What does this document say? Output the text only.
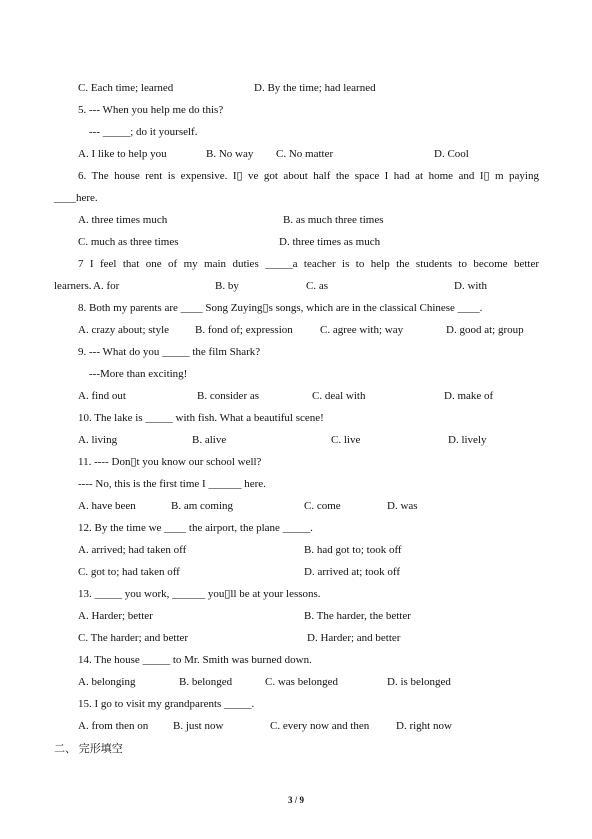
C. Each time; learned	D. By the time; had learned
5. --- When you help me do this?
--- _____; do it yourself.
A. I like to help you	B. No way C. No matter	D. Cool
6. The house rent is expensive. I▯ ve got about half the space I had at home and I▯ m paying
____here.
A. three times much	B. as much three times
C. much as three times	D. three times as much
7 I feel that one of my main duties _____a teacher is to help the students to become better
learners. A. for	B. by	C. as	D. with
8. Both my parents are ____ Song Zuying▯s songs, which are in the classical Chinese ____.
A. crazy about; style B. fond of; expression C. agree with; way	D. good at; group
9. --- What do you _____ the film Shark?
---More than exciting!
A. find out	B. consider as	C. deal with	D. make of
10. The lake is _____ with fish. What a beautiful scene!
A. living	B. alive	C. live	D. lively
11. ---- Don▯t you know our school well?
---- No, this is the first time I ______ here.
A. have been	B. am coming	C. come	D. was
12. By the time we ____ the airport, the plane _____.
A. arrived; had taken off	B. had got to; took off
C. got to; had taken off	D. arrived at; took off
13. _____ you work, ______ you▯ll be at your lessons.
A. Harder; better	B. The harder, the better
C. The harder; and better	D. Harder; and better
14. The house _____ to Mr. Smith was burned down.
A. belonging	B. belonged	C. was belonged	D. is belonged
15. I go to visit my grandparents _____.
A. from then on B. just now	C. every now and then D. right now
二、 完形填空
3 / 9
